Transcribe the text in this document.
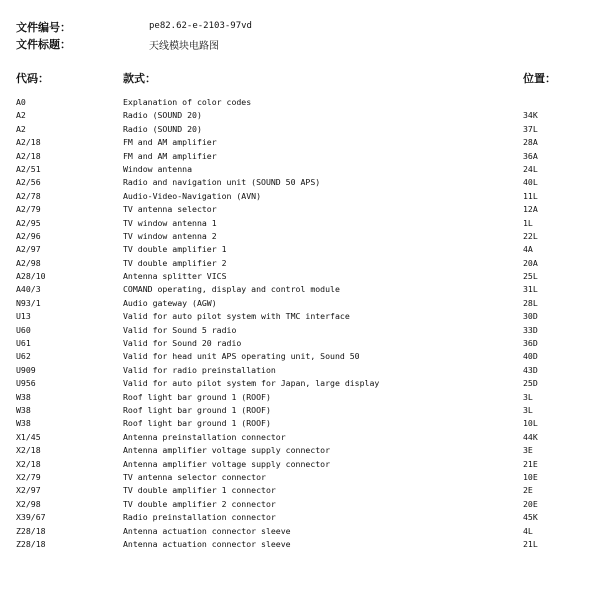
文件编号：	pe82.62-e-2103-97vd
文件标题：	天线模块电路图
代码：	款式：	位置：
A0	Explanation of color codes
A2	Radio (SOUND 20)	34K
A2	Radio (SOUND 20)	37L
A2/18	FM and AM amplifier	28A
A2/18	FM and AM amplifier	36A
A2/51	Window antenna	24L
A2/56	Radio and navigation unit (SOUND 50 APS)	40L
A2/78	Audio-Video-Navigation (AVN)	11L
A2/79	TV antenna selector	12A
A2/95	TV window antenna 1	1L
A2/96	TV window antenna 2	22L
A2/97	TV double amplifier 1	4A
A2/98	TV double amplifier 2	20A
A28/10	Antenna splitter VICS	25L
A40/3	COMAND operating, display and control module	31L
N93/1	Audio gateway (AGW)	28L
U13	Valid for auto pilot system with TMC interface	30D
U60	Valid for Sound 5 radio	33D
U61	Valid for Sound 20 radio	36D
U62	Valid for head unit APS operating unit, Sound 50	40D
U909	Valid for radio preinstallation	43D
U956	Valid for auto pilot system for Japan, large display	25D
W38	Roof light bar ground 1 (ROOF)	3L
W38	Roof light bar ground 1 (ROOF)	3L
W38	Roof light bar ground 1 (ROOF)	10L
X1/45	Antenna preinstallation connector	44K
X2/18	Antenna amplifier voltage supply connector	3E
X2/18	Antenna amplifier voltage supply connector	21E
X2/79	TV antenna selector connector	10E
X2/97	TV double amplifier 1 connector	2E
X2/98	TV double amplifier 2 connector	20E
X39/67	Radio preinstallation connector	45K
Z28/18	Antenna actuation connector sleeve	4L
Z28/18	Antenna actuation connector sleeve	21L
